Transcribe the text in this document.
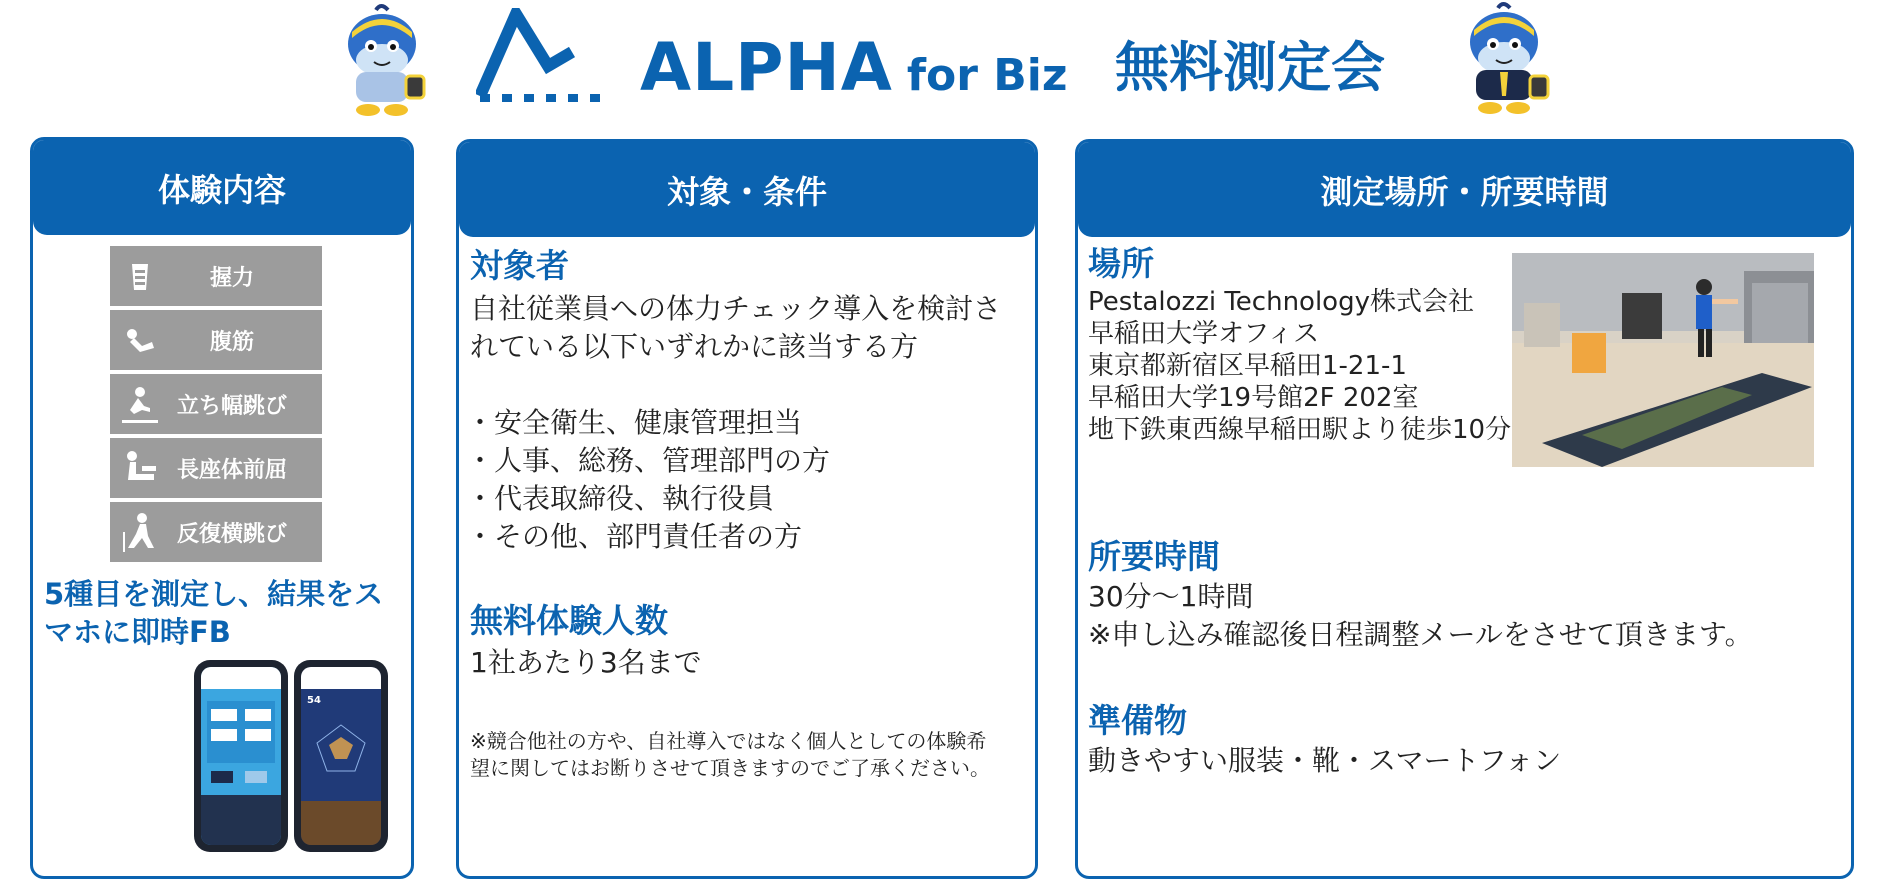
ALPHA for Biz 無料測定会
体験内容
握力
腹筋
立ち幅跳び
長座体前屈
反復横跳び
5種目を測定し、結果をス
マホに即時FB
54
対象・条件
対象者
自社従業員への体力チェック導入を検討さ
れている以下いずれかに該当する方
・安全衛生、健康管理担当
・人事、総務、管理部門の方
・代表取締役、執行役員
・その他、部門責任者の方
無料体験人数
1社あたり3名まで
※競合他社の方や、自社導入ではなく個人としての体験希
望に関してはお断りさせて頂きますのでご了承ください。
測定場所・所要時間
場所
Pestalozzi Technology株式会社
早稲田大学オフィス
東京都新宿区早稲田1-21-1
早稲田大学19号館2F 202室
地下鉄東西線早稲田駅より徒歩10分
所要時間
30分～1時間
※申し込み確認後日程調整メールをさせて頂きます。
準備物
動きやすい服装・靴・スマートフォン
